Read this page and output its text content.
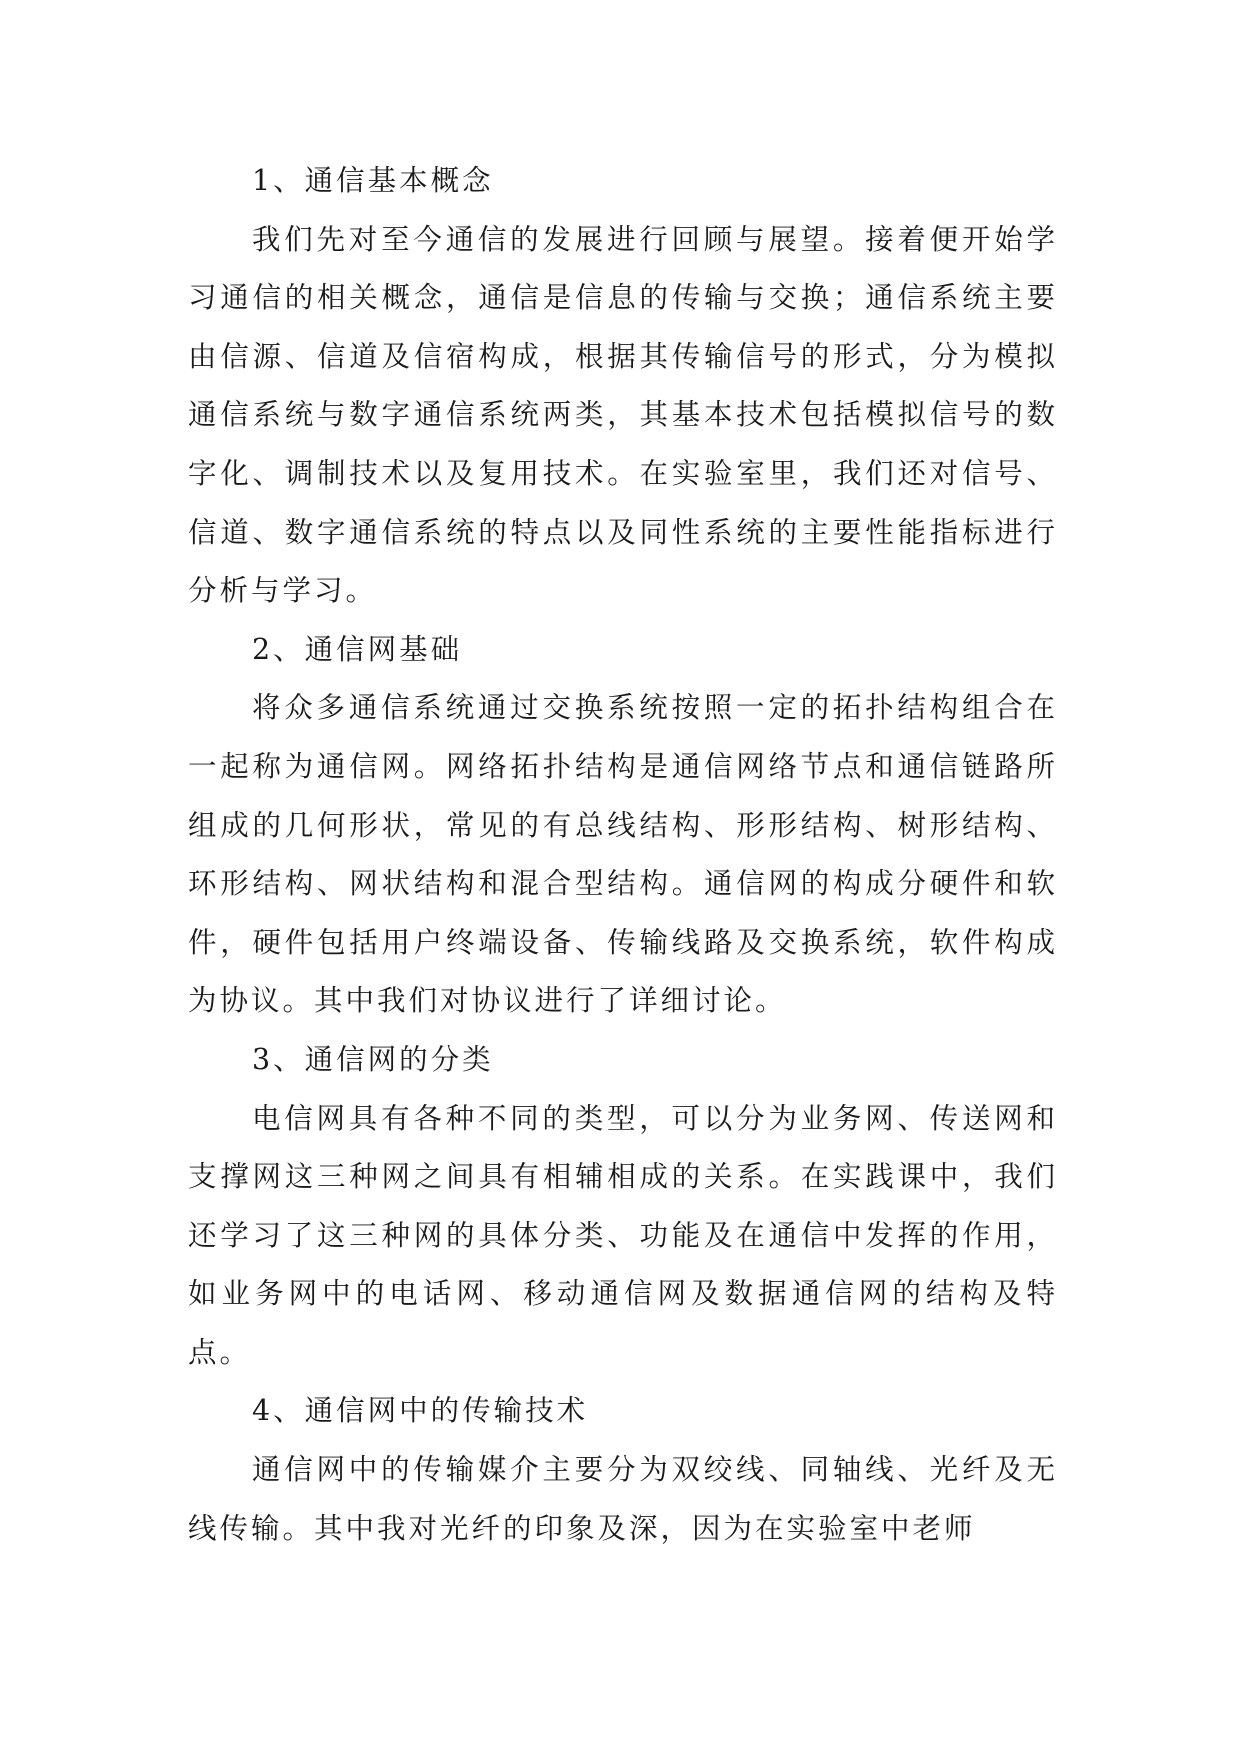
1、通信基本概念

我们先对至今通信的发展进行回顾与展望。接着便开始学习通信的相关概念，通信是信息的传输与交换；通信系统主要由信源、信道及信宿构成，根据其传输信号的形式，分为模拟通信系统与数字通信系统两类，其基本技术包括模拟信号的数字化、调制技术以及复用技术。在实验室里，我们还对信号、信道、数字通信系统的特点以及同性系统的主要性能指标进行分析与学习。

2、通信网基础

将众多通信系统通过交换系统按照一定的拓扑结构组合在一起称为通信网。网络拓扑结构是通信网络节点和通信链路所组成的几何形状，常见的有总线结构、形形结构、树形结构、环形结构、网状结构和混合型结构。通信网的构成分硬件和软件，硬件包括用户终端设备、传输线路及交换系统，软件构成为协议。其中我们对协议进行了详细讨论。

3、通信网的分类

电信网具有各种不同的类型，可以分为业务网、传送网和支撑网这三种网之间具有相辅相成的关系。在实践课中，我们还学习了这三种网的具体分类、功能及在通信中发挥的作用，如业务网中的电话网、移动通信网及数据通信网的结构及特点。

4、通信网中的传输技术

通信网中的传输媒介主要分为双绞线、同轴线、光纤及无线传输。其中我对光纤的印象及深，因为在实验室中老师
